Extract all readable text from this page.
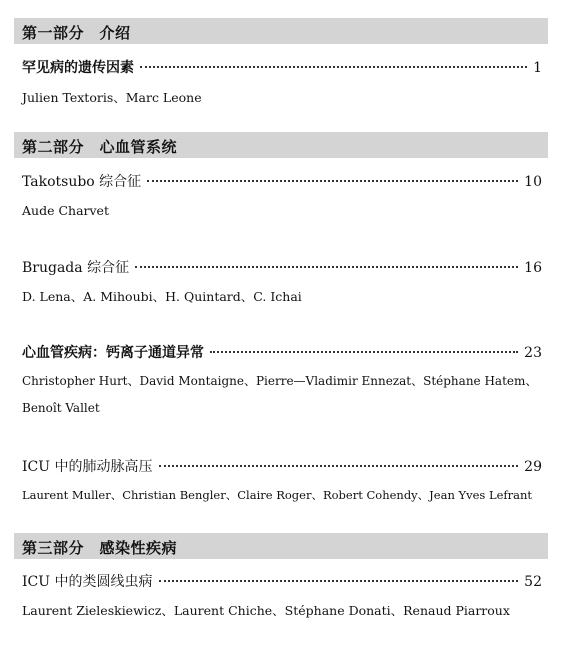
第一部分　介绍
罕见病的遗传因素	1
Julien Textoris、Marc Leone
第二部分　心血管系统
Takotsubo 综合征	10
Aude Charvet
Brugada 综合征	16
D. Lena、A. Mihoubi、H. Quintard、C. Ichai
心血管疾病：钙离子通道异常	23
Christopher Hurt、David Montaigne、Pierre—Vladimir Ennezat、Stéphane Hatem、
Benoît Vallet
ICU 中的肺动脉高压	29
Laurent Muller、Christian Bengler、Claire Roger、Robert Cohendy、Jean Yves Lefrant
第三部分　感染性疾病
ICU 中的类圆线虫病	52
Laurent Zieleskiewicz、Laurent Chiche、Stéphane Donati、Renaud Piarroux
